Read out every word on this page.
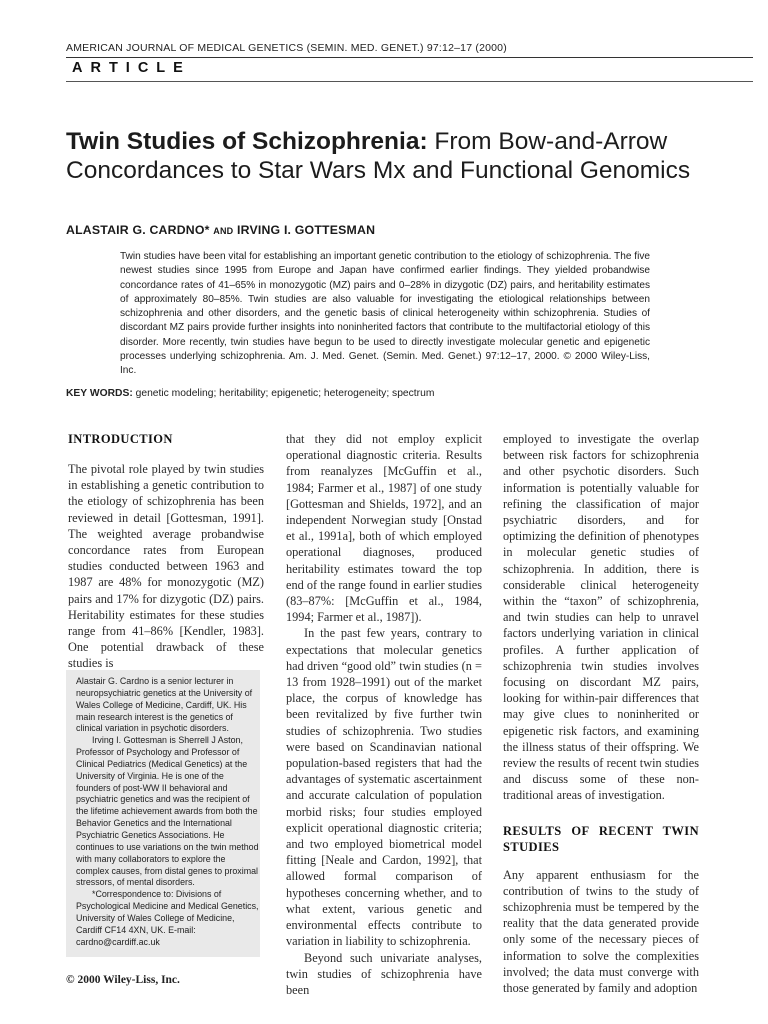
AMERICAN JOURNAL OF MEDICAL GENETICS (SEMIN. MED. GENET.) 97:12–17 (2000)
ARTICLE
Twin Studies of Schizophrenia: From Bow-and-Arrow Concordances to Star Wars Mx and Functional Genomics
ALASTAIR G. CARDNO* AND IRVING I. GOTTESMAN
Twin studies have been vital for establishing an important genetic contribution to the etiology of schizophrenia. The five newest studies since 1995 from Europe and Japan have confirmed earlier findings. They yielded probandwise concordance rates of 41–65% in monozygotic (MZ) pairs and 0–28% in dizygotic (DZ) pairs, and heritability estimates of approximately 80–85%. Twin studies are also valuable for investigating the etiological relationships between schizophrenia and other disorders, and the genetic basis of clinical heterogeneity within schizophrenia. Studies of discordant MZ pairs provide further insights into noninherited factors that contribute to the multifactorial etiology of this disorder. More recently, twin studies have begun to be used to directly investigate molecular genetic and epigenetic processes underlying schizophrenia. Am. J. Med. Genet. (Semin. Med. Genet.) 97:12–17, 2000. © 2000 Wiley-Liss, Inc.
KEY WORDS: genetic modeling; heritability; epigenetic; heterogeneity; spectrum

INTRODUCTION

The pivotal role played by twin studies in establishing a genetic contribution to the etiology of schizophrenia has been reviewed in detail [Gottesman, 1991]. The weighted average probandwise concordance rates from European studies conducted between 1963 and 1987 are 48% for monozygotic (MZ) pairs and 17% for dizygotic (DZ) pairs. Heritability estimates for these studies range from 41–86% [Kendler, 1983]. One potential drawback of these studies is

Alastair G. Cardno is a senior lecturer in neuropsychiatric genetics at the University of Wales College of Medicine, Cardiff, UK. His main research interest is the genetics of clinical variation in psychotic disorders.

Irving I. Gottesman is Sherrell J Aston, Professor of Psychology and Professor of Clinical Pediatrics (Medical Genetics) at the University of Virginia. He is one of the founders of post-WW II behavioral and psychiatric genetics and was the recipient of the lifetime achievement awards from both the Behavior Genetics and the International Psychiatric Genetics Associations. He continues to use variations on the twin method with many collaborators to explore the complex causes, from distal genes to proximal stressors, of mental disorders.

*Correspondence to: Divisions of Psychological Medicine and Medical Genetics, University of Wales College of Medicine, Cardiff CF14 4XN, UK. E-mail: cardno@cardiff.ac.uk

that they did not employ explicit operational diagnostic criteria. Results from reanalyzes [McGuffin et al., 1984; Farmer et al., 1987] of one study [Gottesman and Shields, 1972], and an independent Norwegian study [Onstad et al., 1991a], both of which employed operational diagnoses, produced heritability estimates toward the top end of the range found in earlier studies (83–87%: [McGuffin et al., 1984, 1994; Farmer et al., 1987]).

In the past few years, contrary to expectations that molecular genetics had driven “good old” twin studies (n = 13 from 1928–1991) out of the market place, the corpus of knowledge has been revitalized by five further twin studies of schizophrenia. Two studies were based on Scandinavian national population-based registers that had the advantages of systematic ascertainment and accurate calculation of population morbid risks; four studies employed explicit operational diagnostic criteria; and two employed biometrical model fitting [Neale and Cardon, 1992], that allowed formal comparison of hypotheses concerning whether, and to what extent, various genetic and environmental effects contribute to variation in liability to schizophrenia.

Beyond such univariate analyses, twin studies of schizophrenia have been

employed to investigate the overlap between risk factors for schizophrenia and other psychotic disorders. Such information is potentially valuable for refining the classification of major psychiatric disorders, and for optimizing the definition of phenotypes in molecular genetic studies of schizophrenia. In addition, there is considerable clinical heterogeneity within the “taxon” of schizophrenia, and twin studies can help to unravel factors underlying variation in clinical profiles. A further application of schizophrenia twin studies involves focusing on discordant MZ pairs, looking for within-pair differences that may give clues to noninherited or epigenetic risk factors, and examining the illness status of their offspring. We review the results of recent twin studies and discuss some of these non-traditional areas of investigation.

RESULTS OF RECENT TWIN STUDIES

Any apparent enthusiasm for the contribution of twins to the study of schizophrenia must be tempered by the reality that the data generated provide only some of the necessary pieces of information to solve the complexities involved; the data must converge with those generated by family and adoption

© 2000 Wiley-Liss, Inc.
